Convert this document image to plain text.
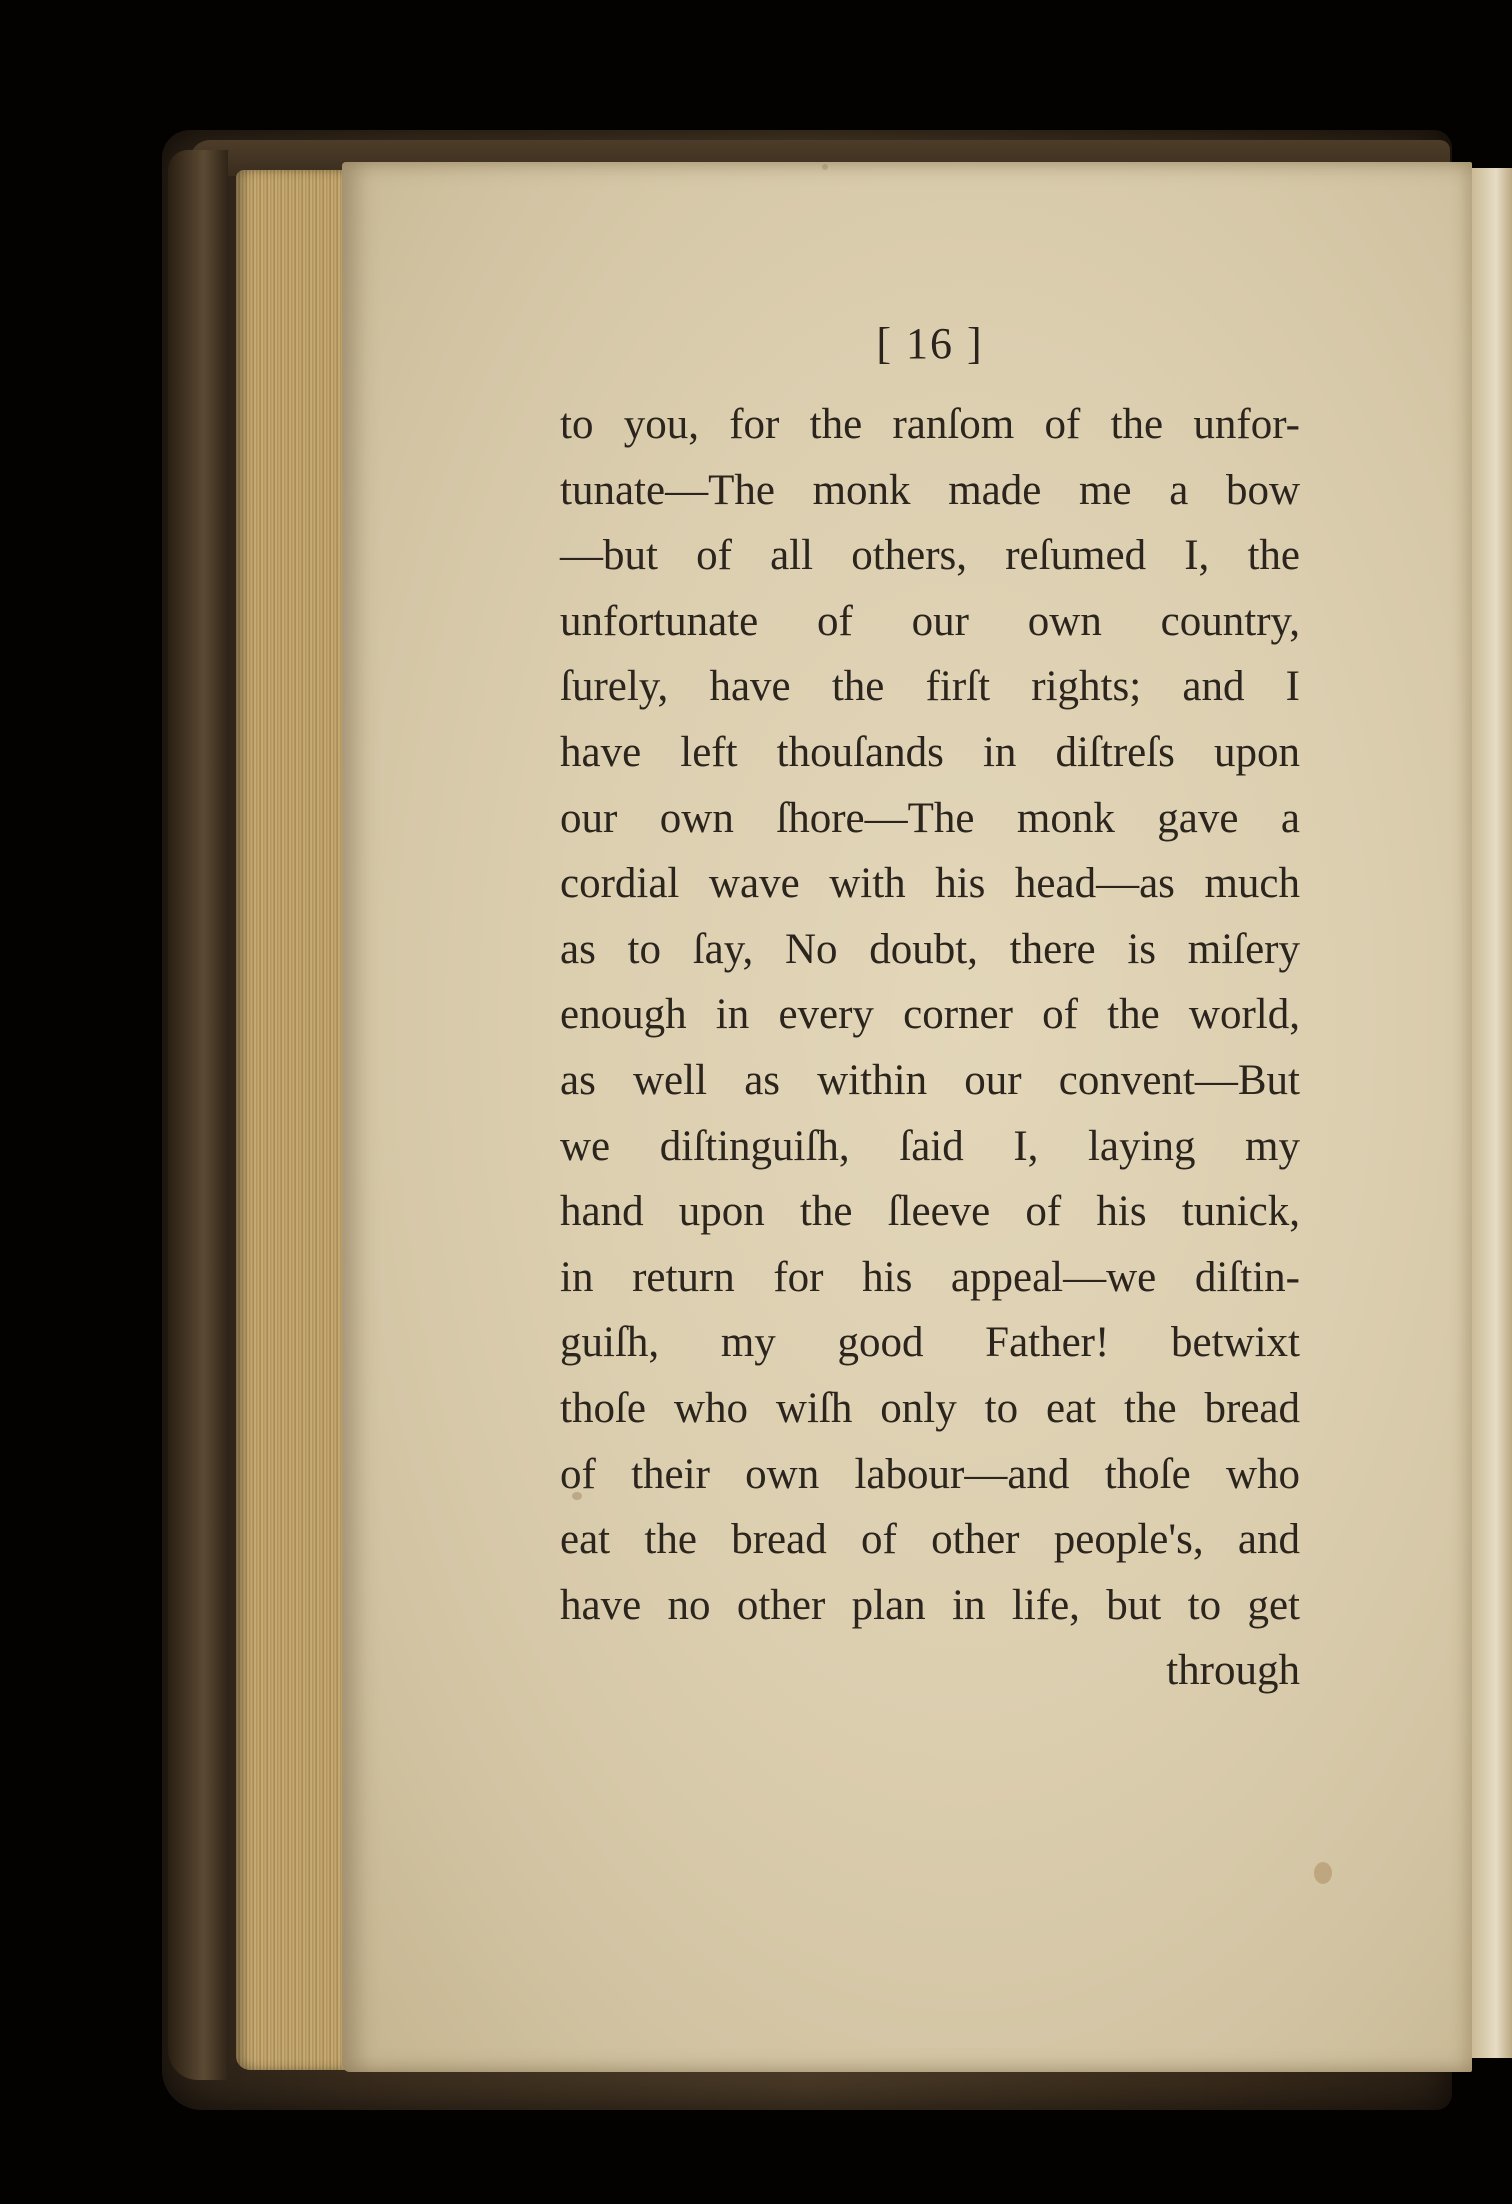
[ 16 ]
to you, for the ranſom of the unfor-
tunate—The monk made me a bow
—but of all others, reſumed I, the
unfortunate of our own country,
ſurely, have the firſt rights; and I
have left thouſands in diſtreſs upon
our own ſhore—The monk gave a
cordial wave with his head—as much
as to ſay, No doubt, there is miſery
enough in every corner of the world,
as well as within our convent—But
we diſtinguiſh, ſaid I, laying my
hand upon the ſleeve of his tunick,
in return for his appeal—we diſtin-
guiſh, my good Father! betwixt
thoſe who wiſh only to eat the bread
of their own labour—and thoſe who
eat the bread of other people's, and
have no other plan in life, but to get
through
